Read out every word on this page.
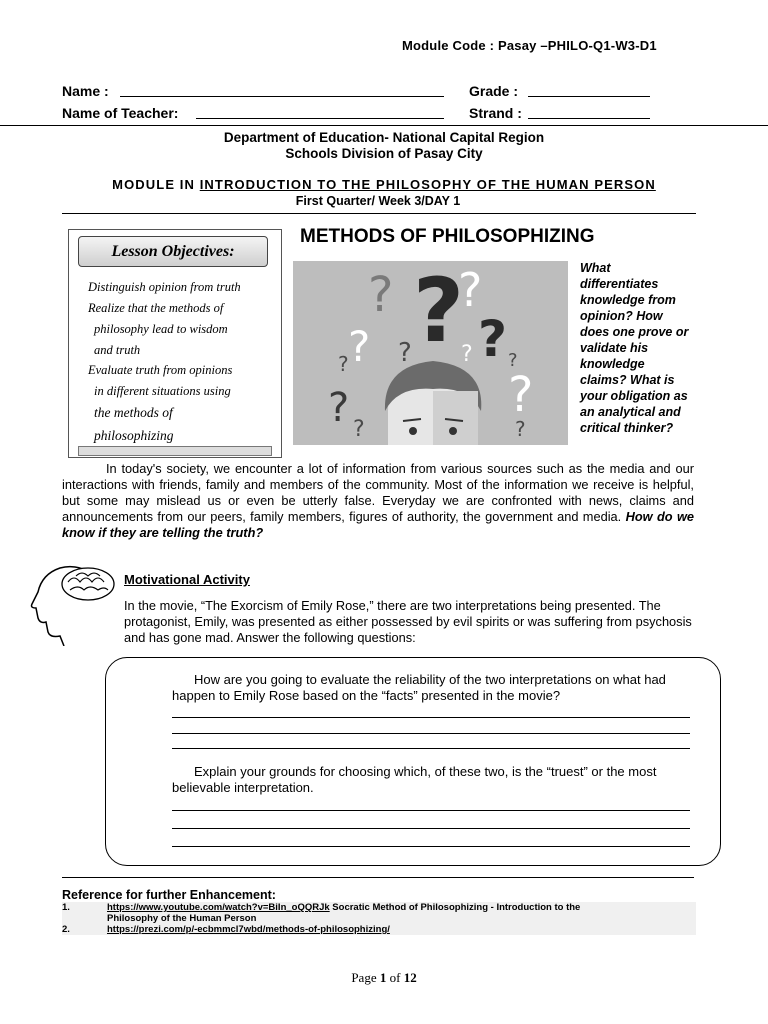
Module Code : Pasay –PHILO-Q1-W3-D1
Name :	Grade :
Name of Teacher:	Strand :
Department of Education- National Capital Region
Schools Division of Pasay City
MODULE IN INTRODUCTION TO THE PHILOSOPHY OF THE HUMAN PERSON
First Quarter/ Week 3/DAY 1
Lesson Objectives:
Distinguish opinion from truth
Realize that the methods of
philosophy lead to wisdom
and truth
Evaluate truth from opinions
in different situations using
the methods of
philosophizing
METHODS OF PHILOSOPHIZING
? ?
?
? ? ? ? ?
?
?	?
?	?
What differentiates knowledge from opinion? How does one prove or validate his knowledge claims? What is your obligation as an analytical and critical thinker?
In today's society, we encounter a lot of information from various sources such as the media and our interactions with friends, family and members of the community. Most of the information we receive is helpful, but some may mislead us or even be utterly false. Everyday we are confronted with news, claims and announcements from our peers, family members, figures of authority, the government and media. How do we know if they are telling the truth?
Motivational Activity
In the movie, “The Exorcism of Emily Rose,” there are two interpretations being presented. The protagonist, Emily, was presented as either possessed by evil spirits or was suffering from psychosis and has gone mad. Answer the following questions:
How are you going to evaluate the reliability of the two interpretations on what had happen to Emily Rose based on the “facts” presented in the movie?
Explain your grounds for choosing which, of these two, is the “truest” or the most believable interpretation.
Reference for further Enhancement:
1.	https://www.youtube.com/watch?v=BiIn_oQQRJk Socratic Method of Philosophizing - Introduction to the
Philosophy of the Human Person
2.	https://prezi.com/p/-ecbmmcl7wbd/methods-of-philosophizing/
Page 1 of 12
